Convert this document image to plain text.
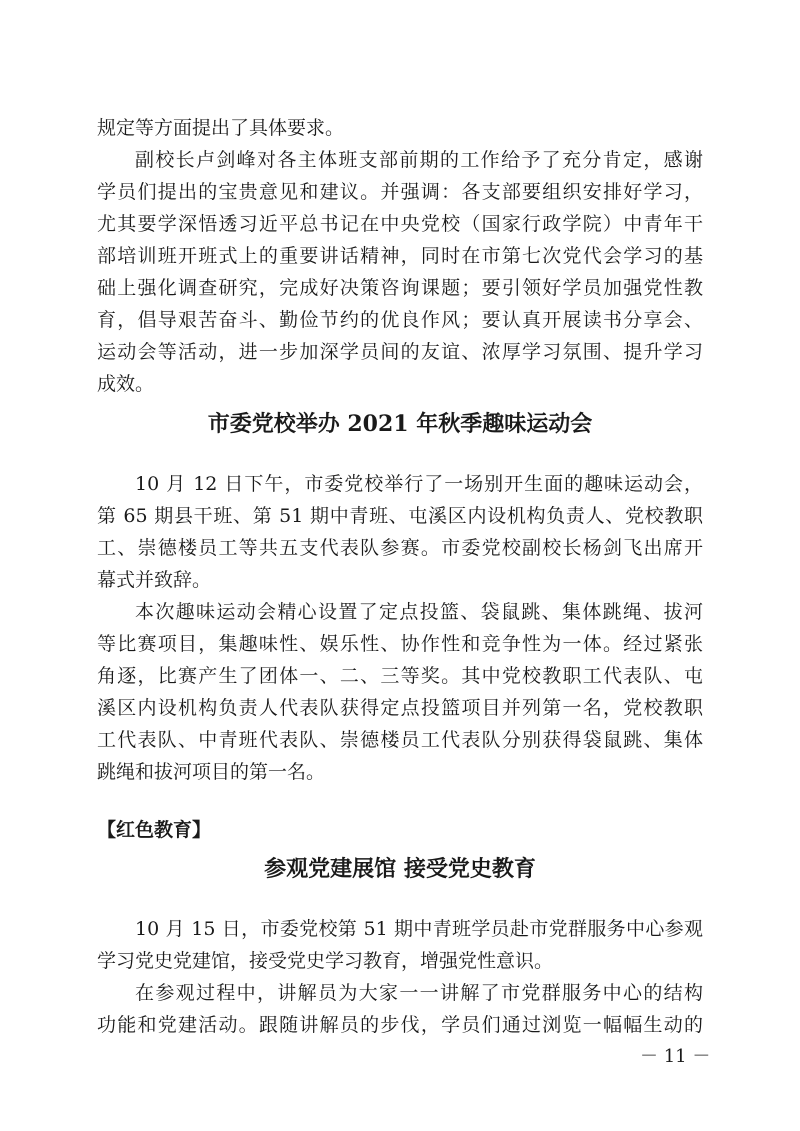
规定等方面提出了具体要求。
副校长卢剑峰对各主体班支部前期的工作给予了充分肯定，感谢
学员们提出的宝贵意见和建议。并强调：各支部要组织安排好学习，
尤其要学深悟透习近平总书记在中央党校（国家行政学院）中青年干
部培训班开班式上的重要讲话精神，同时在市第七次党代会学习的基
础上强化调查研究，完成好决策咨询课题；要引领好学员加强党性教
育，倡导艰苦奋斗、勤俭节约的优良作风；要认真开展读书分享会、
运动会等活动，进一步加深学员间的友谊、浓厚学习氛围、提升学习
成效。
市委党校举办 2021 年秋季趣味运动会
10 月 12 日下午，市委党校举行了一场别开生面的趣味运动会，
第 65 期县干班、第 51 期中青班、屯溪区内设机构负责人、党校教职
工、崇德楼员工等共五支代表队参赛。市委党校副校长杨剑飞出席开
幕式并致辞。
本次趣味运动会精心设置了定点投篮、袋鼠跳、集体跳绳、拔河
等比赛项目，集趣味性、娱乐性、协作性和竞争性为一体。经过紧张
角逐，比赛产生了团体一、二、三等奖。其中党校教职工代表队、屯
溪区内设机构负责人代表队获得定点投篮项目并列第一名，党校教职
工代表队、中青班代表队、崇德楼员工代表队分别获得袋鼠跳、集体
跳绳和拔河项目的第一名。
【红色教育】
参观党建展馆 接受党史教育
10 月 15 日，市委党校第 51 期中青班学员赴市党群服务中心参观
学习党史党建馆，接受党史学习教育，增强党性意识。
在参观过程中，讲解员为大家一一讲解了市党群服务中心的结构
功能和党建活动。跟随讲解员的步伐，学员们通过浏览一幅幅生动的
－ 11 －
